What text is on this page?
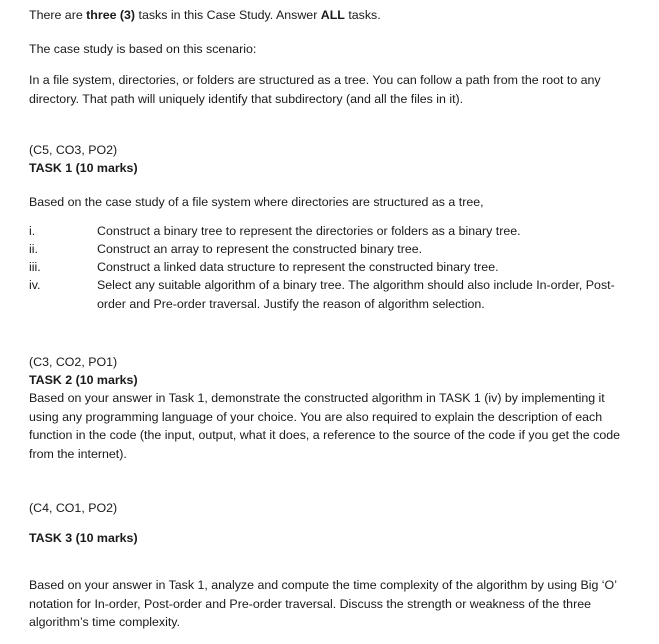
There are three (3) tasks in this Case Study. Answer ALL tasks.
The case study is based on this scenario:
In a file system, directories, or folders are structured as a tree. You can follow a path from the root to any directory. That path will uniquely identify that subdirectory (and all the files in it).
(C5, CO3, PO2)
TASK 1 (10 marks)
Based on the case study of a file system where directories are structured as a tree,
i.	Construct a binary tree to represent the directories or folders as a binary tree.
ii.	Construct an array to represent the constructed binary tree.
iii.	Construct a linked data structure to represent the constructed binary tree.
iv.	Select any suitable algorithm of a binary tree. The algorithm should also include In-order, Post-order and Pre-order traversal. Justify the reason of algorithm selection.
(C3, CO2, PO1)
TASK 2 (10 marks)
Based on your answer in Task 1, demonstrate the constructed algorithm in TASK 1 (iv) by implementing it using any programming language of your choice. You are also required to explain the description of each function in the code (the input, output, what it does, a reference to the source of the code if you get the code from the internet).
(C4, CO1, PO2)
TASK 3 (10 marks)
Based on your answer in Task 1, analyze and compute the time complexity of the algorithm by using Big ‘O’ notation for In-order, Post-order and Pre-order traversal. Discuss the strength or weakness of the three algorithm’s time complexity.
